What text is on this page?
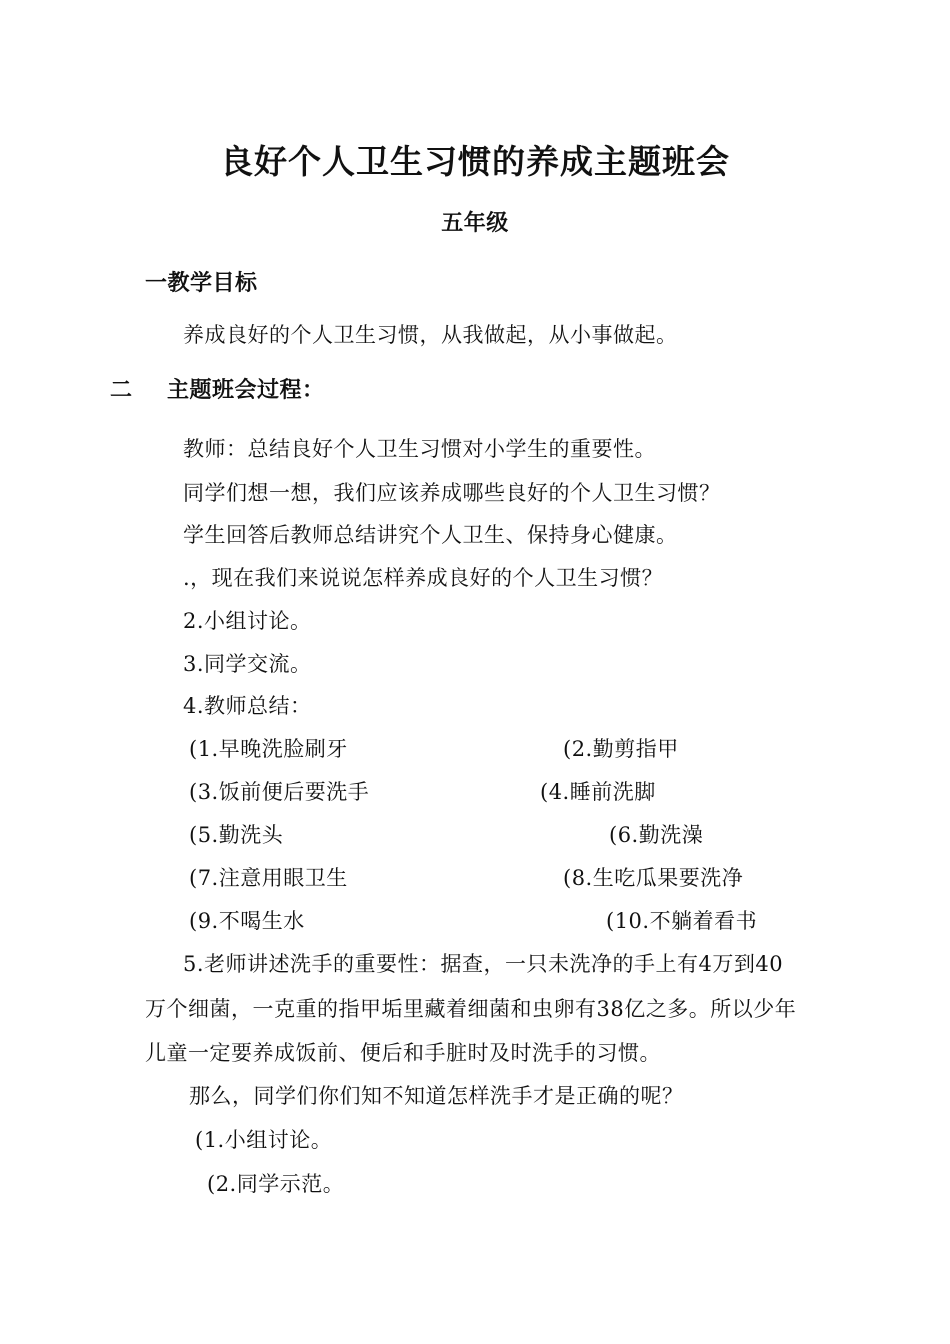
良好个人卫生习惯的养成主题班会
五年级
一教学目标
养成良好的个人卫生习惯，从我做起，从小事做起。
二 主题班会过程：
教师：总结良好个人卫生习惯对小学生的重要性。
同学们想一想，我们应该养成哪些良好的个人卫生习惯？
学生回答后教师总结讲究个人卫生、保持身心健康。
.，现在我们来说说怎样养成良好的个人卫生习惯？
2.小组讨论。
3.同学交流。
4.教师总结：
(1.早晚洗脸刷牙	(2.勤剪指甲
(3.饭前便后要洗手	(4.睡前洗脚
(5.勤洗头	(6.勤洗澡
(7.注意用眼卫生	(8.生吃瓜果要洗净
(9.不喝生水	(10.不躺着看书
5.老师讲述洗手的重要性：据查，一只未洗净的手上有4万到40
万个细菌，一克重的指甲垢里藏着细菌和虫卵有38亿之多。所以少年
儿童一定要养成饭前、便后和手脏时及时洗手的习惯。
那么，同学们你们知不知道怎样洗手才是正确的呢？
(1.小组讨论。
(2.同学示范。
